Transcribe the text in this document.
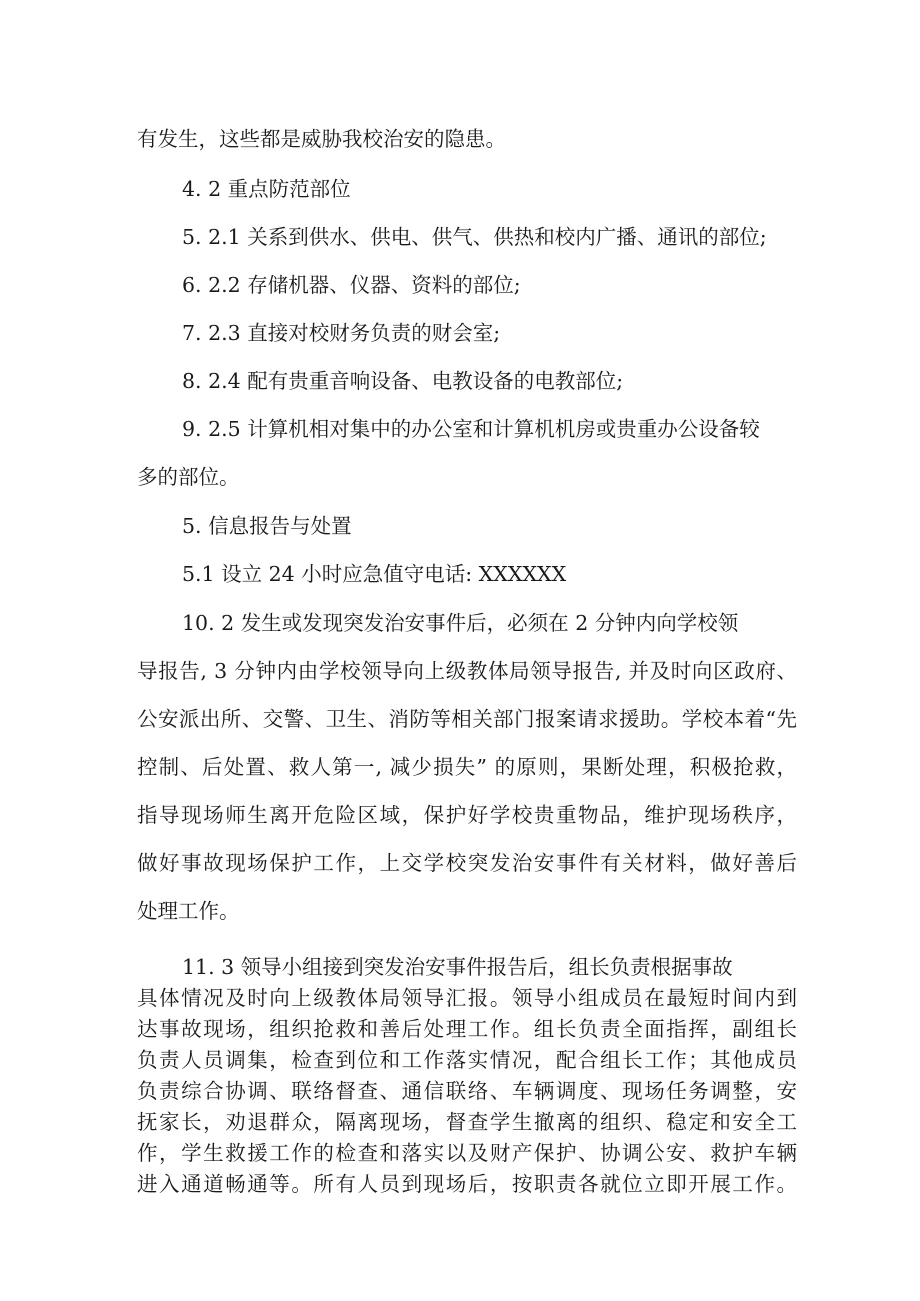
有发生，这些都是威胁我校治安的隐患。
4. 2 重点防范部位
5. 2.1 关系到供水、供电、供气、供热和校内广播、通讯的部位;
6. 2.2 存储机器、仪器、资料的部位;
7. 2.3 直接对校财务负责的财会室;
8. 2.4 配有贵重音响设备、电教设备的电教部位;
9. 2.5 计算机相对集中的办公室和计算机机房或贵重办公设备较
多的部位。
5. 信息报告与处置
5.1 设立 24 小时应急值守电话: XXXXXX
10. 2 发生或发现突发治安事件后，必须在 2 分钟内向学校领
导报告, 3 分钟内由学校领导向上级教体局领导报告, 并及时向区政府、
公安派出所、交警、卫生、消防等相关部门报案请求援助。学校本着“先
控制、后处置、救人第一, 减少损失” 的原则，果断处理，积极抢救，
指导现场师生离开危险区域，保护好学校贵重物品，维护现场秩序，
做好事故现场保护工作，上交学校突发治安事件有关材料，做好善后
处理工作。
11. 3 领导小组接到突发治安事件报告后，组长负责根据事故
具体情况及时向上级教体局领导汇报。领导小组成员在最短时间内到
达事故现场，组织抢救和善后处理工作。组长负责全面指挥，副组长
负责人员调集，检查到位和工作落实情况，配合组长工作；其他成员
负责综合协调、联络督查、通信联络、车辆调度、现场任务调整，安
抚家长，劝退群众，隔离现场，督查学生撤离的组织、稳定和安全工
作，学生救援工作的检查和落实以及财产保护、协调公安、救护车辆
进入通道畅通等。所有人员到现场后，按职责各就位立即开展工作。
